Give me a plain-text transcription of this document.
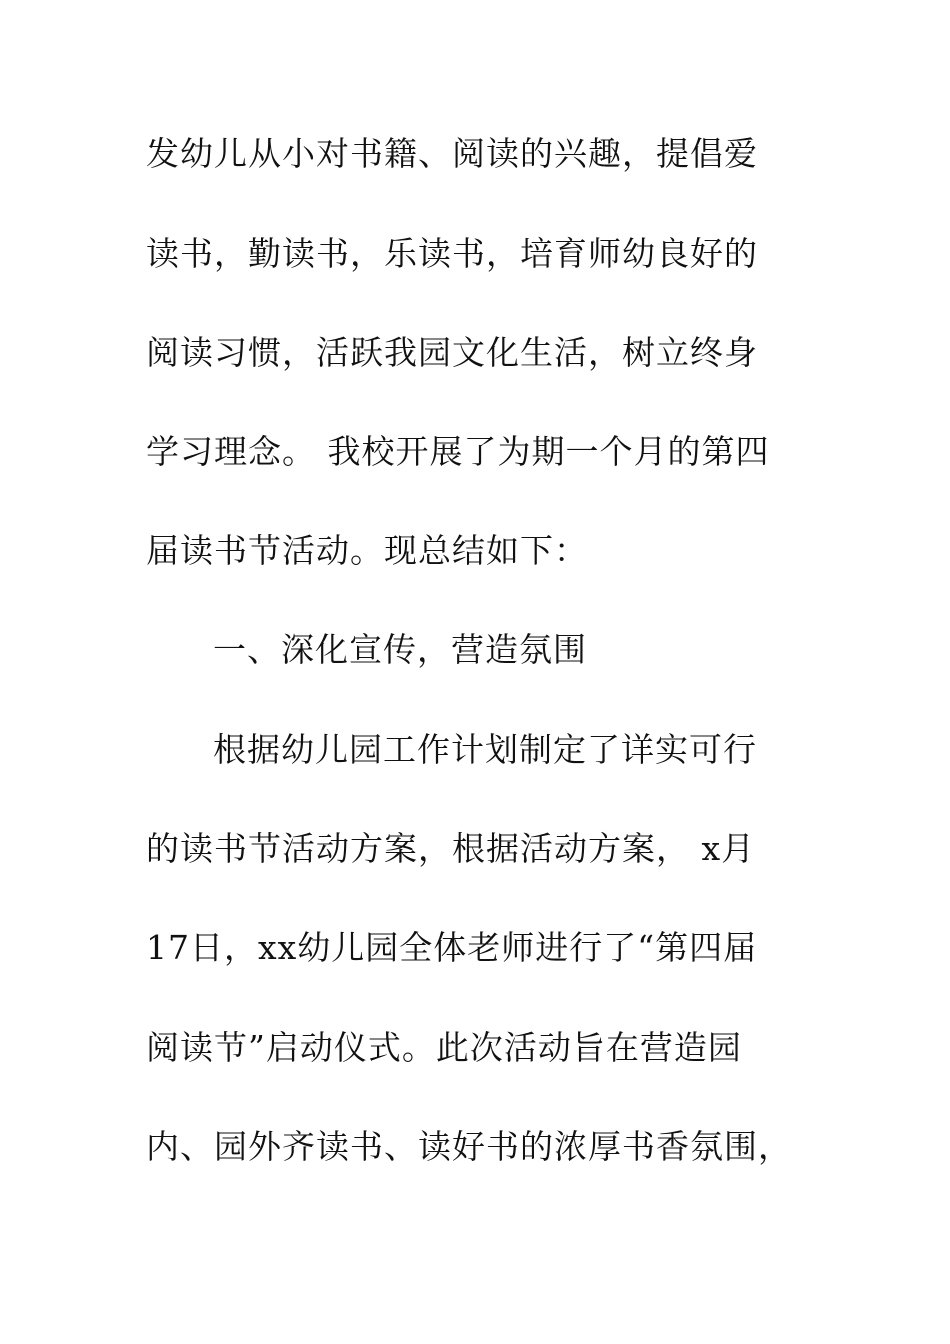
发幼儿从小对书籍、阅读的兴趣，提倡爱
读书，勤读书，乐读书，培育师幼良好的
阅读习惯，活跃我园文化生活，树立终身
学习理念。 我校开展了为期一个月的第四
届读书节活动。现总结如下：
一、深化宣传，营造氛围
根据幼儿园工作计划制定了详实可行
的读书节活动方案，根据活动方案， x月
17日，xx幼儿园全体老师进行了“第四届
阅读节”启动仪式。此次活动旨在营造园
内、园外齐读书、读好书的浓厚书香氛围，
